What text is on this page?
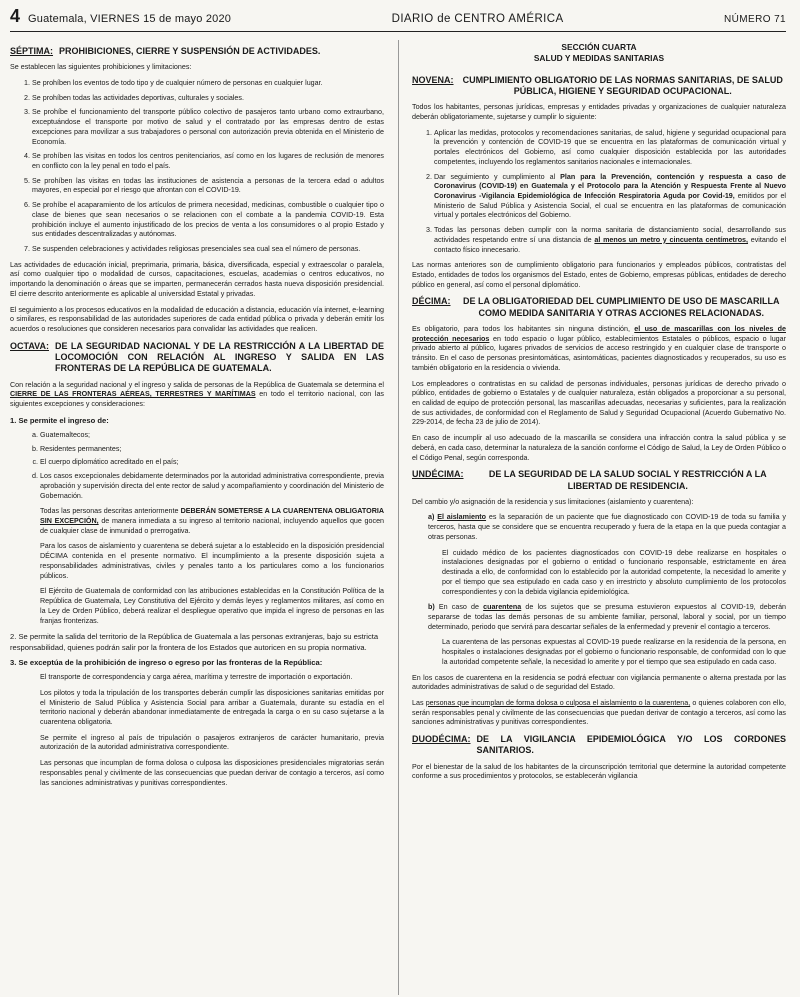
4 Guatemala, VIERNES 15 de mayo 2020	DIARIO de CENTRO AMÉRICA	NÚMERO 71
SÉPTIMA: PROHIBICIONES, CIERRE Y SUSPENSIÓN DE ACTIVIDADES.

Se establecen las siguientes prohibiciones y limitaciones:

1. Se prohíben los eventos de todo tipo y de cualquier número de personas en cualquier lugar.
2. Se prohíben todas las actividades deportivas, culturales y sociales.
3. Se prohíbe el funcionamiento del transporte público colectivo de pasajeros tanto urbano como extraurbano, exceptuándose el transporte por motivo de salud y el contratado por las empresas dentro de estas excepciones para movilizar a sus trabajadores o personal con autorización previa obtenida en el Ministerio de Economía.
4. Se prohíben las visitas en todos los centros penitenciarios, así como en los lugares de reclusión de menores en conflicto con la ley penal en todo el país.
5. Se prohíben las visitas en todas las instituciones de asistencia a personas de la tercera edad o adultos mayores, en especial por el riesgo que afrontan con el COVID-19.
6. Se prohíbe el acaparamiento de los artículos de primera necesidad, medicinas, combustible o cualquier tipo o clase de bienes que sean necesarios o se relacionen con el combate a la pandemia COVID-19. Esta prohibición incluye el aumento injustificado de los precios de venta a los consumidores o al propio Estado y sus entidades descentralizadas y autónomas.
7. Se suspenden celebraciones y actividades religiosas presenciales sea cual sea el número de personas.

Las actividades de educación inicial, preprimaria, primaria, básica, diversificada, especial y extraescolar o paralela, así como cualquier tipo o modalidad de cursos, capacitaciones, escuelas, academias o centros educativos, no importando la denominación o áreas que se imparten, permanecerán cerrados hasta nueva disposición presidencial. El cierre descrito anteriormente es aplicable al universidad Estatal y privadas.

El seguimiento a los procesos educativos en la modalidad de educación a distancia, educación vía internet, e-learning o similares, es responsabilidad de las autoridades superiores de cada entidad pública o privada y deberán emitir los acuerdos o resoluciones que consideren necesarios para convalidar las actividades que realicen.

OCTAVA: DE LA SEGURIDAD NACIONAL Y DE LA RESTRICCIÓN A LA LIBERTAD DE LOCOMOCIÓN CON RELACIÓN AL INGRESO Y SALIDA EN LAS FRONTERAS DE LA REPÚBLICA DE GUATEMALA.

Con relación a la seguridad nacional y el ingreso y salida de personas de la República de Guatemala se determina el CIERRE DE LAS FRONTERAS AÉREAS, TERRESTRES Y MARÍTIMAS en todo el territorio nacional, con las siguientes excepciones y consideraciones:

1. Se permite el ingreso de:
a. Guatemaltecos;
b. Residentes permanentes;
c. El cuerpo diplomático acreditado en el país;
d. Los casos excepcionales debidamente determinados por la autoridad administrativa correspondiente, previa aprobación y supervisión directa del ente rector de salud y acompañamiento y coordinación del Ministerio de Gobernación.

Todas las personas descritas anteriormente DEBERÁN SOMETERSE A LA CUARENTENA OBLIGATORIA SIN EXCEPCIÓN, de manera inmediata a su ingreso al territorio nacional, incluyendo aquellos que gocen de cualquier clase de inmunidad o prerrogativa.

Para los casos de aislamiento y cuarentena se deberá sujetar a lo establecido en la disposición presidencial DÉCIMA contenida en el presente normativo. El incumplimiento a la presente disposición sujeta a responsabilidades administrativas, civiles y penales tanto a los particulares como a los funcionarios públicos.

El Ejército de Guatemala de conformidad con las atribuciones establecidas en la Constitución Política de la República de Guatemala, Ley Constitutiva del Ejército y demás leyes y reglamentos militares, así como en la Ley de Orden Público, deberá realizar el despliegue operativo que impida el ingreso de personas en las franjas fronterizas.

2. Se permite la salida del territorio de la República de Guatemala a las personas extranjeras, bajo su estricta responsabilidad, quienes podrán salir por la frontera de los Estados que autoricen en su propia normativa.
3. Se exceptúa de la prohibición de ingreso o egreso por las fronteras de la República:

El transporte de correspondencia y carga aérea, marítima y terrestre de importación o exportación.

Los pilotos y toda la tripulación de los transportes deberán cumplir las disposiciones sanitarias emitidas por el Ministerio de Salud Pública y Asistencia Social para arribar a Guatemala, durante su estadía en el territorio nacional y deberán abandonar inmediatamente de entregada la carga o en su caso sujetarse a la cuarentena obligatoria.

Se permite el ingreso al país de tripulación o pasajeros extranjeros de carácter humanitario, previa autorización de la autoridad administrativa correspondiente.

Las personas que incumplan de forma dolosa o culposa las disposiciones presidenciales migratorias serán responsables penal y civilmente de las consecuencias que puedan derivar de contagio a terceros, así como las sanciones administrativas y punitivas correspondientes.

SECCIÓN CUARTA
SALUD Y MEDIDAS SANITARIAS
NOVENA:	CUMPLIMIENTO OBLIGATORIO DE LAS NORMAS SANITARIAS, DE SALUD PÚBLICA, HIGIENE Y SEGURIDAD OCUPACIONAL.

Todos los habitantes, personas jurídicas, empresas y entidades privadas y organizaciones de cualquier naturaleza deberán obligatoriamente, sujetarse y cumplir lo siguiente:

1. Aplicar las medidas, protocolos y recomendaciones sanitarias, de salud, higiene y seguridad ocupacional para la prevención y contención de COVID-19 que se encuentra en las plataformas de comunicación virtual y portales electrónicos del Gobierno, así como cualquier disposición establecida por las autoridades competentes, incluyendo los reglamentos sanitarios nacionales e internacionales.
2. Dar seguimiento y cumplimiento al Plan para la Prevención, contención y respuesta a caso de Coronavirus (COVID-19) en Guatemala y el Protocolo para la Atención y Respuesta Frente al Nuevo Coronavirus -Vigilancia Epidemiológica de Infección Respiratoria Aguda por Covid-19, emitidos por el Ministerio de Salud Pública y Asistencia Social, el cual se encuentra en las plataformas de comunicación virtual y portales electrónicos del Gobierno.
3. Todas las personas deben cumplir con la norma sanitaria de distanciamiento social, desarrollando sus actividades respetando entre sí una distancia de al menos un metro y cincuenta centímetros, evitando el contacto físico innecesario.

Las normas anteriores son de cumplimiento obligatorio para funcionarios y empleados públicos, contratistas del Estado, entidades de todos los organismos del Estado, entes de Gobierno, empresas públicas, entidades de derecho público en general, así como el personal diplomático.

DÉCIMA:	DE LA OBLIGATORIEDAD DEL CUMPLIMIENTO DE USO DE MASCARILLA COMO MEDIDA SANITARIA Y OTRAS ACCIONES RELACIONADAS.

Es obligatorio, para todos los habitantes sin ninguna distinción, el uso de mascarillas con los niveles de protección necesarios en todo espacio o lugar público, establecimientos Estatales o públicos, espacio o lugar privado abierto al público, lugares privados de servicios de acceso restringido y en cualquier clase de transporte o tránsito. En el caso de personas presintomáticas, asintomáticas, pacientes diagnosticados y recuperados, su uso es también obligatorio en la residencia o vivienda.

Los empleadores o contratistas en su calidad de personas individuales, personas jurídicas de derecho privado o público, entidades de gobierno o Estatales y de cualquier naturaleza, están obligados a proporcionar a su personal, en calidad de equipo de protección personal, las mascarillas adecuadas, necesarias y suficientes, para la realización de sus actividades, de conformidad con el Reglamento de Salud y Seguridad Ocupacional (Acuerdo Gubernativo No. 229-2014, de fecha 23 de julio de 2014).

En caso de incumplir al uso adecuado de la mascarilla se considera una infracción contra la salud pública y se deberá, en cada caso, determinar la naturaleza de la sanción conforme el Código de Salud, la Ley de Orden Público o el Código Penal, según corresponda.

UNDÉCIMA:	DE LA SEGURIDAD DE LA SALUD SOCIAL Y RESTRICCIÓN A LA LIBERTAD DE RESIDENCIA.

Del cambio y/o asignación de la residencia y sus limitaciones (aislamiento y cuarentena):

a) El aislamiento es la separación de un paciente que fue diagnosticado con COVID-19 de toda su familia y terceros, hasta que se considere que se encuentra recuperado y fuera de la etapa en la que pueda contagiar a otras personas.

El cuidado médico de los pacientes diagnosticados con COVID-19 debe realizarse en hospitales o instalaciones designadas por el gobierno o entidad o funcionario responsable, estrictamente en área destinada a ello, de conformidad con lo establecido por la autoridad competente, la necesidad lo amerite y por el tiempo que sea estipulado en cada caso y en irrestricto y absoluto cumplimiento de los protocolos correspondientes y con la debida vigilancia epidemiológica.

b) En caso de cuarentena de los sujetos que se presuma estuvieron expuestos al COVID-19, deberán separarse de todas las demás personas de su ambiente familiar, personal, laboral y social, por un tiempo determinado, periodo que servirá para descartar señales de la enfermedad y prevenir el contagio a terceros.

La cuarentena de las personas expuestas al COVID-19 puede realizarse en la residencia de la persona, en hospitales o instalaciones designadas por el gobierno o funcionario responsable, de conformidad con lo que la autoridad competente señale, la necesidad lo amerite y por el tiempo que sea estipulado en cada caso.

En los casos de cuarentena en la residencia se podrá efectuar con vigilancia permanente o alterna prestada por las autoridades administrativas de salud o de seguridad del Estado.

Las personas que incumplan de forma dolosa o culposa el aislamiento o la cuarentena, o quienes colaboren con ello, serán responsables penal y civilmente de las consecuencias que puedan derivar de contagio a terceros, así como las sanciones administrativas y punitivas correspondientes.

DUODÉCIMA: DE LA VIGILANCIA EPIDEMIOLÓGICA Y/O LOS CORDONES SANITARIOS.

Por el bienestar de la salud de los habitantes de la circunscripción territorial que determine la autoridad competente conforme a sus procedimientos y protocolos, se establecerán vigilancia
